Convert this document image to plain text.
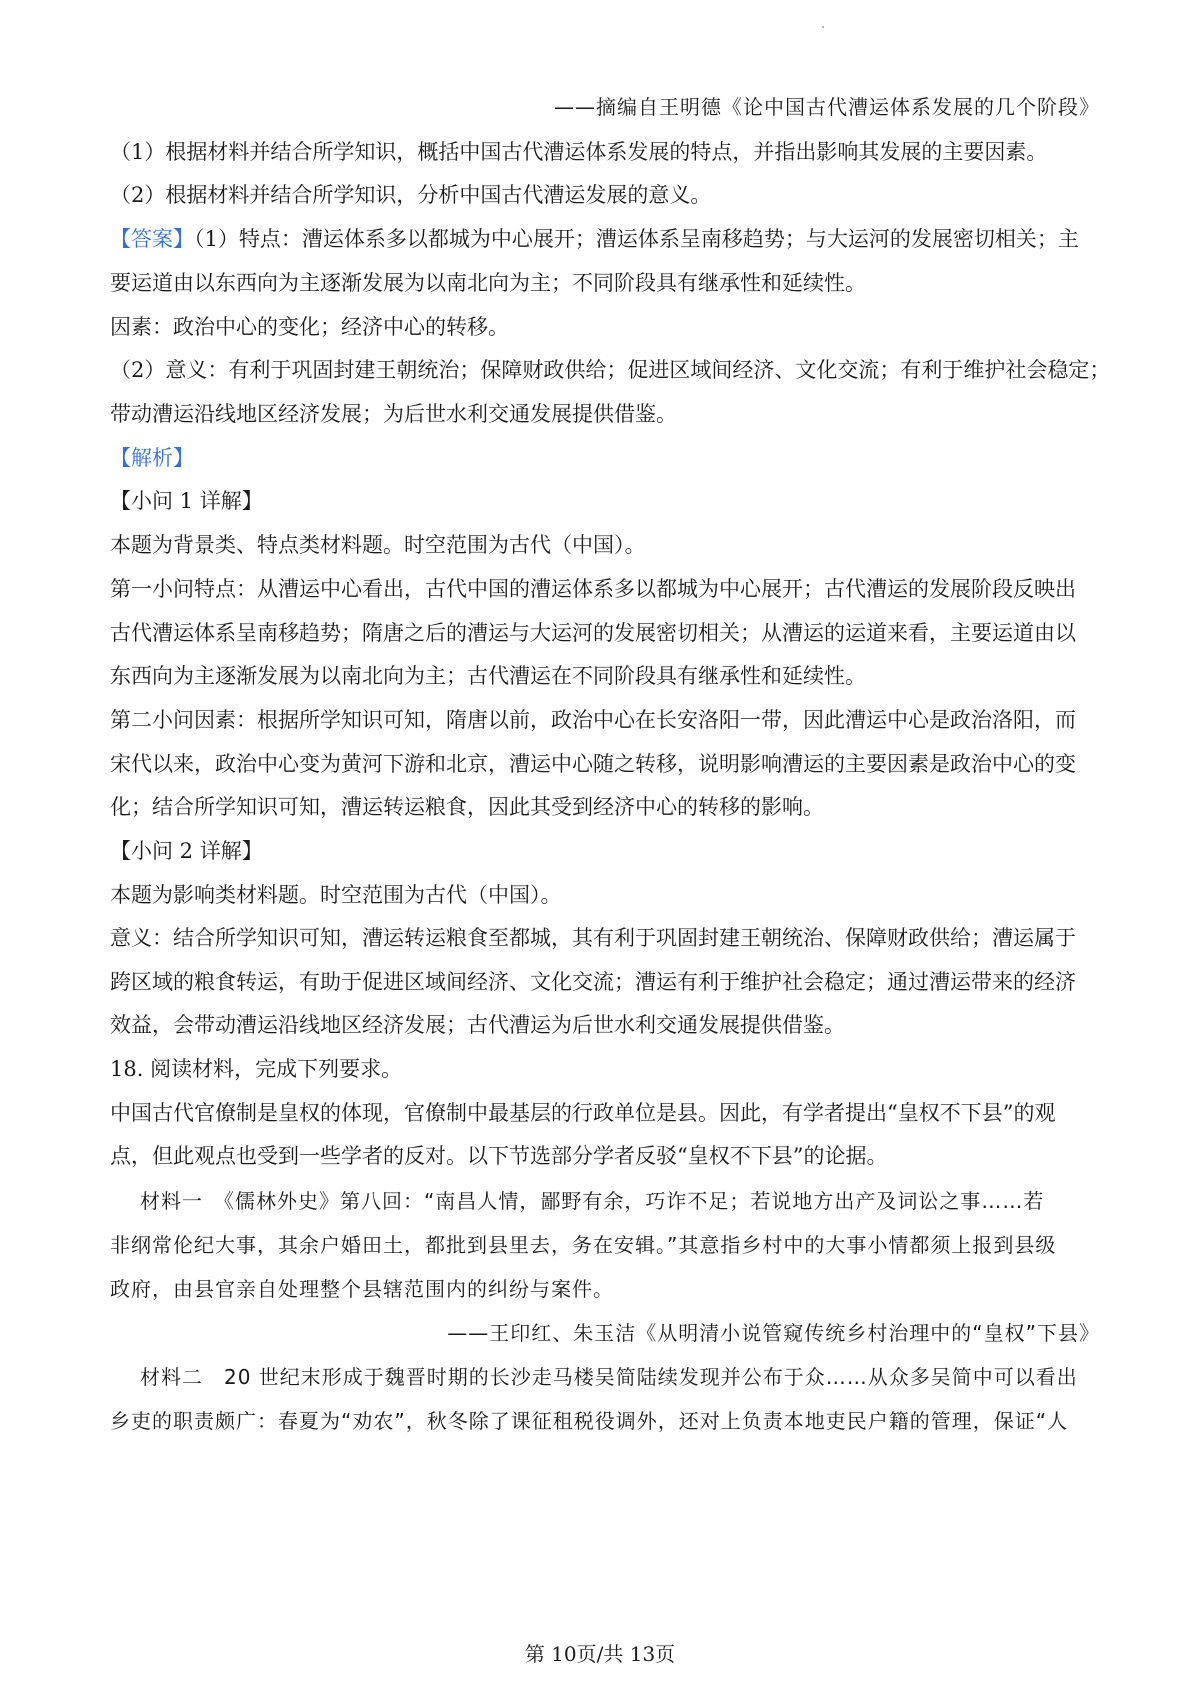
——摘编自王明德《论中国古代漕运体系发展的几个阶段》
（1）根据材料并结合所学知识，概括中国古代漕运体系发展的特点，并指出影响其发展的主要因素。
（2）根据材料并结合所学知识，分析中国古代漕运发展的意义。
【答案】（1）特点：漕运体系多以都城为中心展开；漕运体系呈南移趋势；与大运河的发展密切相关；主
要运道由以东西向为主逐渐发展为以南北向为主；不同阶段具有继承性和延续性。
因素：政治中心的变化；经济中心的转移。
（2）意义：有利于巩固封建王朝统治；保障财政供给；促进区域间经济、文化交流；有利于维护社会稳定；
带动漕运沿线地区经济发展；为后世水利交通发展提供借鉴。
【解析】
【小问 1 详解】
本题为背景类、特点类材料题。时空范围为古代（中国）。
第一小问特点：从漕运中心看出，古代中国的漕运体系多以都城为中心展开；古代漕运的发展阶段反映出
古代漕运体系呈南移趋势；隋唐之后的漕运与大运河的发展密切相关；从漕运的运道来看，主要运道由以
东西向为主逐渐发展为以南北向为主；古代漕运在不同阶段具有继承性和延续性。
第二小问因素：根据所学知识可知，隋唐以前，政治中心在长安洛阳一带，因此漕运中心是政治洛阳，而
宋代以来，政治中心变为黄河下游和北京，漕运中心随之转移，说明影响漕运的主要因素是政治中心的变
化；结合所学知识可知，漕运转运粮食，因此其受到经济中心的转移的影响。
【小问 2 详解】
本题为影响类材料题。时空范围为古代（中国）。
意义：结合所学知识可知，漕运转运粮食至都城，其有利于巩固封建王朝统治、保障财政供给；漕运属于
跨区域的粮食转运，有助于促进区域间经济、文化交流；漕运有利于维护社会稳定；通过漕运带来的经济
效益，会带动漕运沿线地区经济发展；古代漕运为后世水利交通发展提供借鉴。
18. 阅读材料，完成下列要求。
中国古代官僚制是皇权的体现，官僚制中最基层的行政单位是县。因此，有学者提出“皇权不下县”的观
点，但此观点也受到一些学者的反对。以下节选部分学者反驳“皇权不下县”的论据。
材料一　《儒林外史》第八回：“南昌人情，鄙野有余，巧诈不足；若说地方出产及词讼之事……若
非纲常伦纪大事，其余户婚田土，都批到县里去，务在安辑。”其意指乡村中的大事小情都须上报到县级
政府，由县官亲自处理整个县辖范围内的纠纷与案件。
——王印红、朱玉洁《从明清小说管窥传统乡村治理中的“皇权”下县》
材料二　20 世纪末形成于魏晋时期的长沙走马楼吴简陆续发现并公布于众……从众多吴简中可以看出
乡吏的职责颇广：春夏为“劝农”，秋冬除了课征租税役调外，还对上负责本地吏民户籍的管理，保证“人
第 10页/共 13页
